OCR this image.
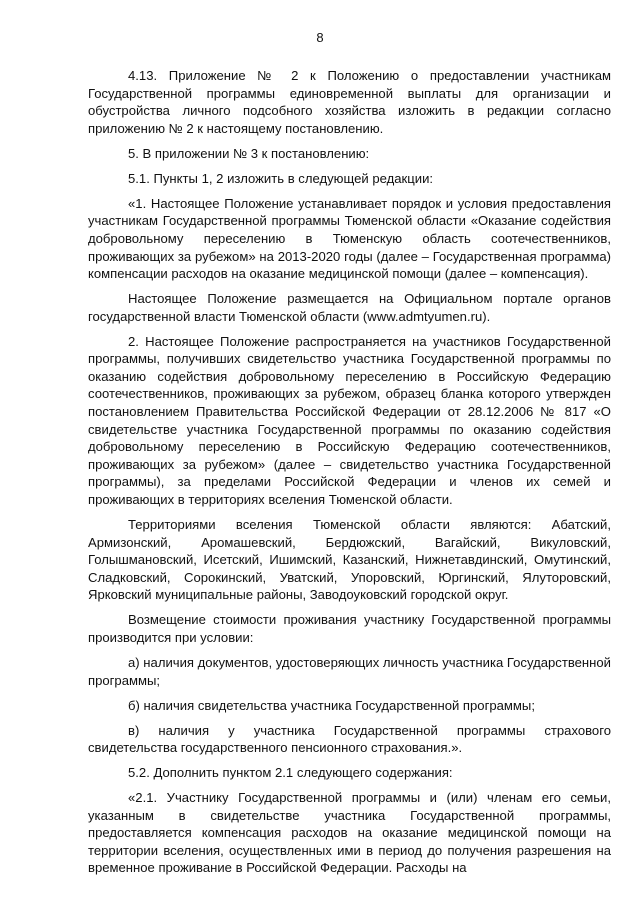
8

4.13. Приложение № 2 к Положению о предоставлении участникам Государственной программы единовременной выплаты для организации и обустройства личного подсобного хозяйства изложить в редакции согласно приложению № 2 к настоящему постановлению.

5. В приложении № 3 к постановлению:

5.1. Пункты 1, 2 изложить в следующей редакции:

«1. Настоящее Положение устанавливает порядок и условия предоставления участникам Государственной программы Тюменской области «Оказание содействия добровольному переселению в Тюменскую область соотечественников, проживающих за рубежом» на 2013-2020 годы (далее – Государственная программа) компенсации расходов на оказание медицинской помощи (далее – компенсация).

Настоящее Положение размещается на Официальном портале органов государственной власти Тюменской области (www.admtyumen.ru).

2. Настоящее Положение распространяется на участников Государственной программы, получивших свидетельство участника Государственной программы по оказанию содействия добровольному переселению в Российскую Федерацию соотечественников, проживающих за рубежом, образец бланка которого утвержден постановлением Правительства Российской Федерации от 28.12.2006 № 817 «О свидетельстве участника Государственной программы по оказанию содействия добровольному переселению в Российскую Федерацию соотечественников, проживающих за рубежом» (далее – свидетельство участника Государственной программы), за пределами Российской Федерации и членов их семей и проживающих в территориях вселения Тюменской области.

Территориями вселения Тюменской области являются: Абатский, Армизонский, Аромашевский, Бердюжский, Вагайский, Викуловский, Голышмановский, Исетский, Ишимский, Казанский, Нижнетавдинский, Омутинский, Сладковский, Сорокинский, Уватский, Упоровский, Юргинский, Ялуторовский, Ярковский муниципальные районы, Заводоуковский городской округ.

Возмещение стоимости проживания участнику Государственной программы производится при условии:

а) наличия документов, удостоверяющих личность участника Государственной программы;

б) наличия свидетельства участника Государственной программы;

в) наличия у участника Государственной программы страхового свидетельства государственного пенсионного страхования.».

5.2. Дополнить пунктом 2.1 следующего содержания:

«2.1. Участнику Государственной программы и (или) членам его семьи, указанным в свидетельстве участника Государственной программы, предоставляется компенсация расходов на оказание медицинской помощи на территории вселения, осуществленных ими в период до получения разрешения на временное проживание в Российской Федерации. Расходы на
